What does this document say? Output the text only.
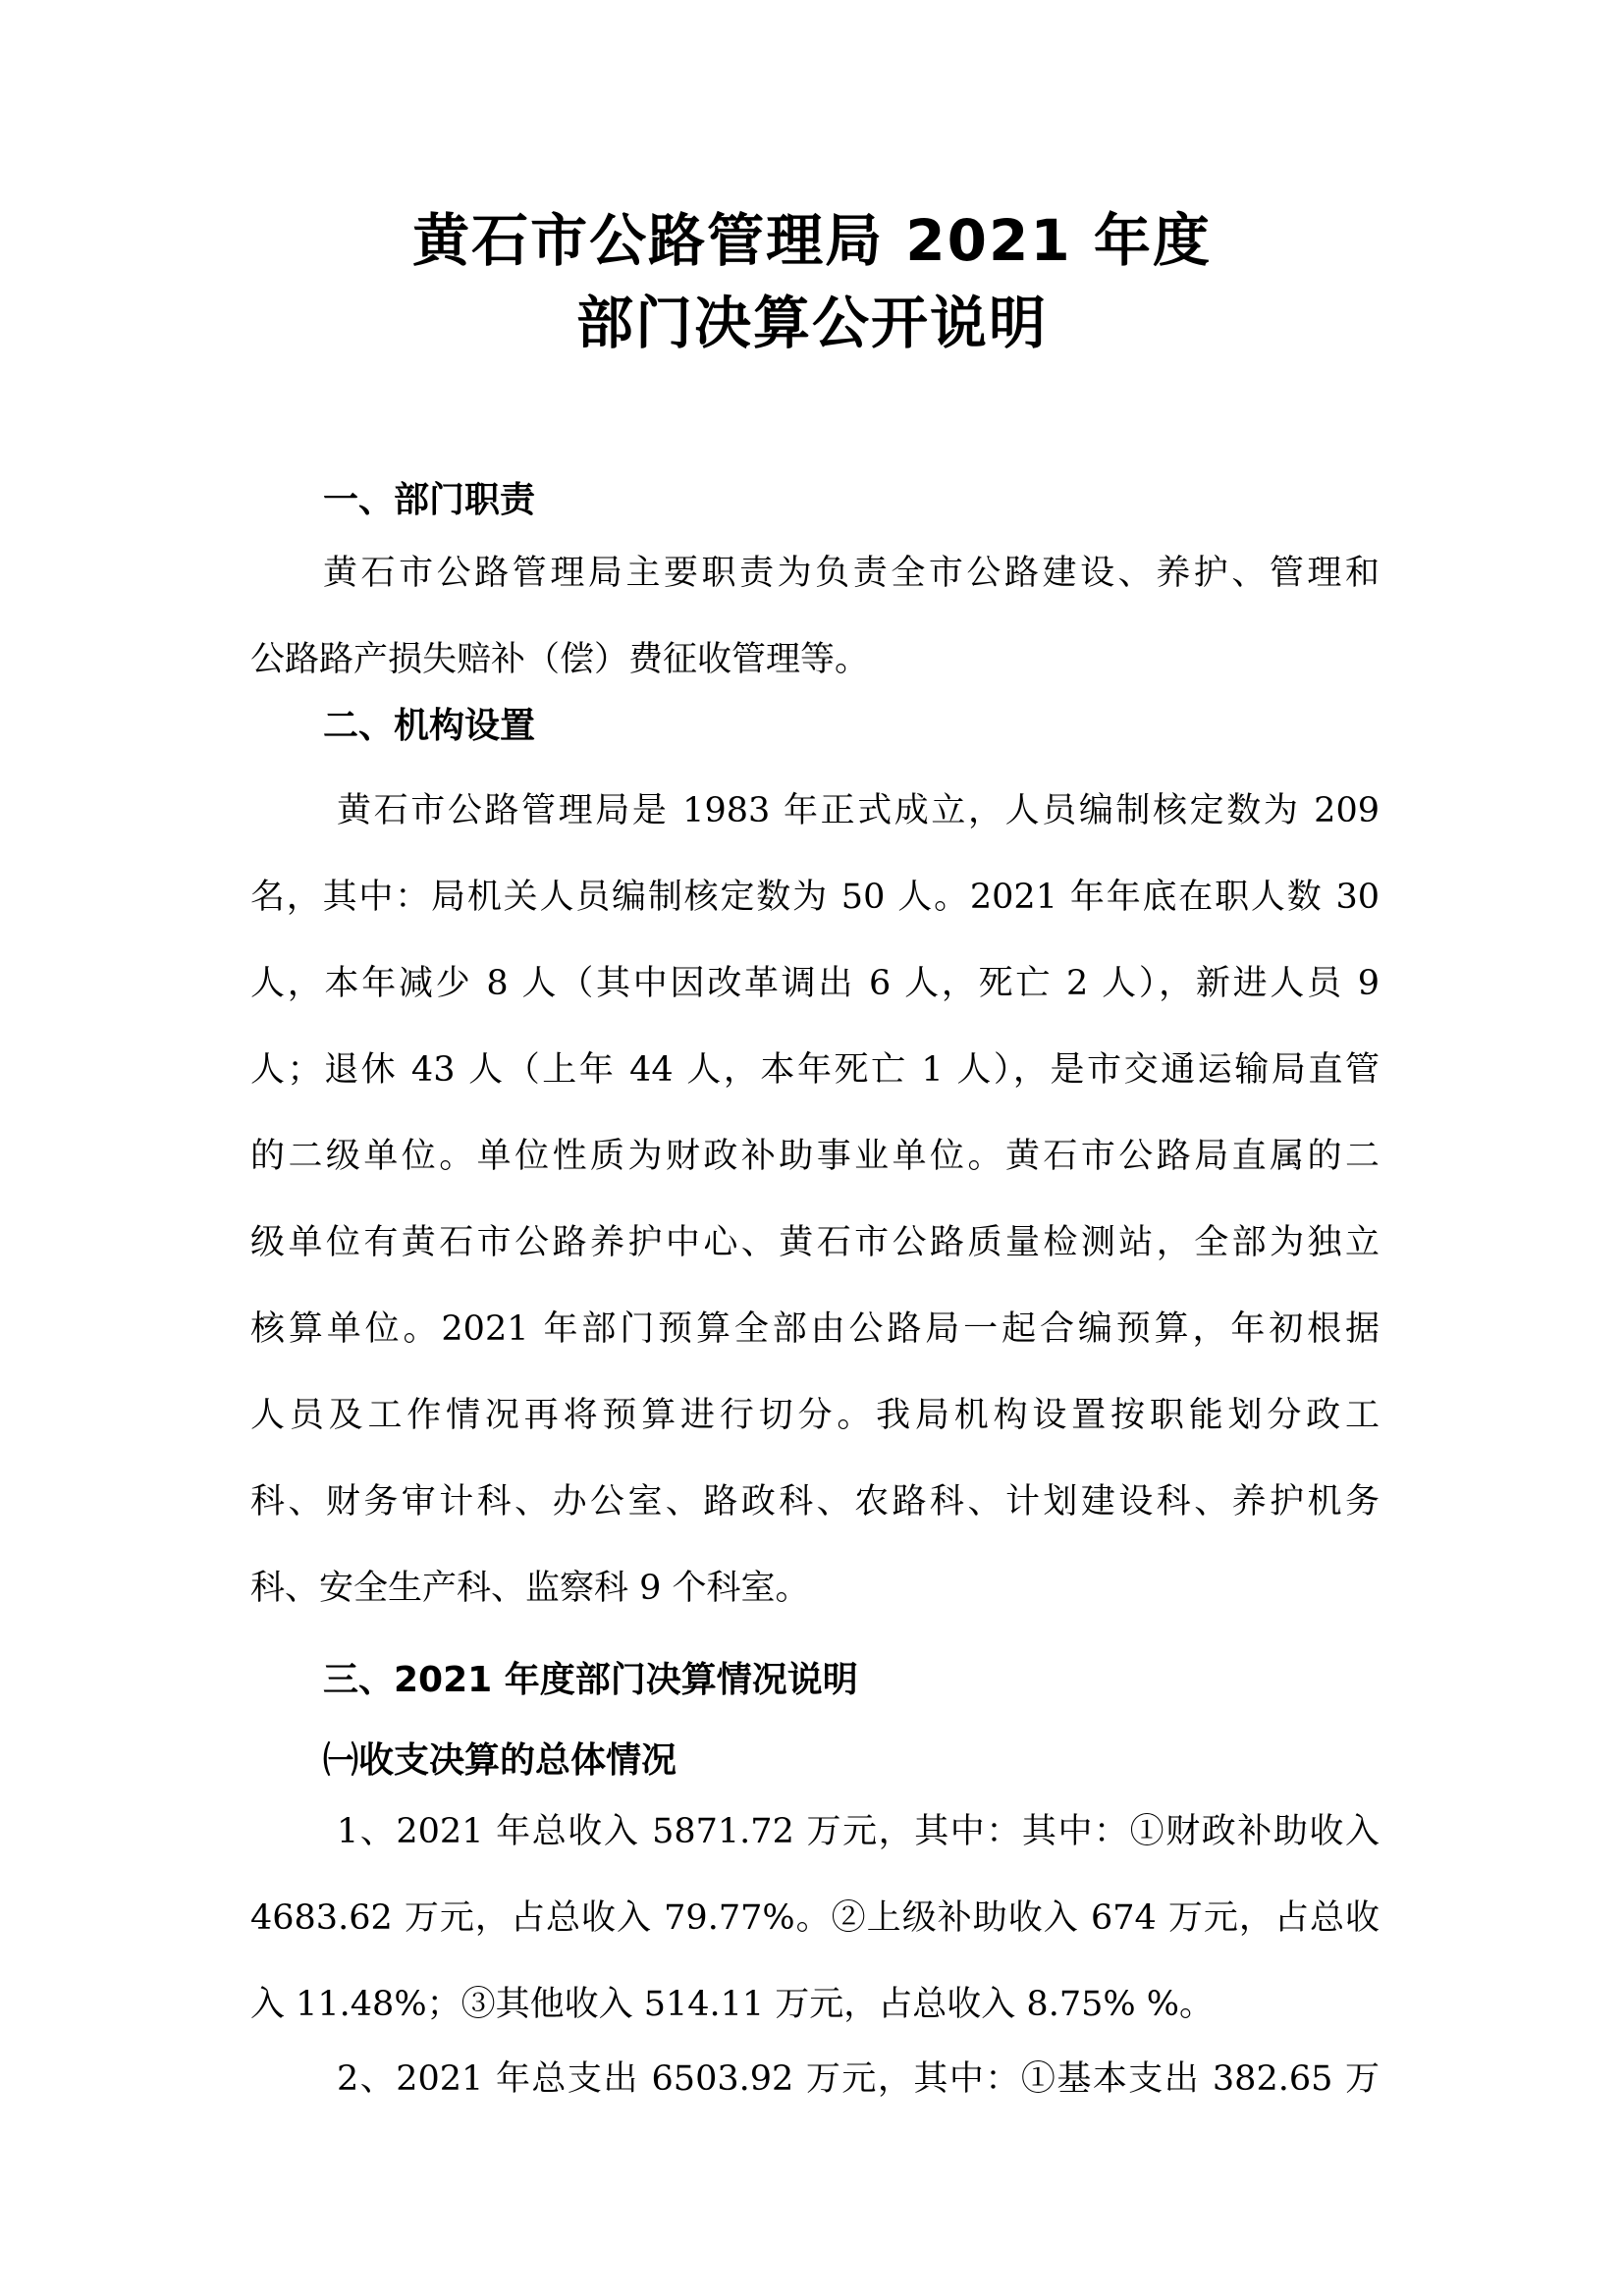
黄石市公路管理局 2021 年度
部门决算公开说明
一、部门职责
黄石市公路管理局主要职责为负责全市公路建设、养护、管理和
公路路产损失赔补（偿）费征收管理等。
二、机构设置
黄石市公路管理局是 1983 年正式成立，人员编制核定数为 209
名，其中：局机关人员编制核定数为 50 人。2021 年年底在职人数 30
人，本年减少 8 人（其中因改革调出 6 人，死亡 2 人），新进人员 9
人；退休 43 人（上年 44 人，本年死亡 1 人），是市交通运输局直管
的二级单位。单位性质为财政补助事业单位。黄石市公路局直属的二
级单位有黄石市公路养护中心、黄石市公路质量检测站，全部为独立
核算单位。2021 年部门预算全部由公路局一起合编预算，年初根据
人员及工作情况再将预算进行切分。我局机构设置按职能划分政工
科、财务审计科、办公室、路政科、农路科、计划建设科、养护机务
科、安全生产科、监察科 9 个科室。
三、2021 年度部门决算情况说明
㈠收支决算的总体情况
1、2021 年总收入 5871.72 万元，其中：其中：①财政补助收入
4683.62 万元，占总收入 79.77%。②上级补助收入 674 万元，占总收
入 11.48%；③其他收入 514.11 万元，占总收入 8.75% %。
2、2021 年总支出 6503.92 万元，其中：①基本支出 382.65 万
